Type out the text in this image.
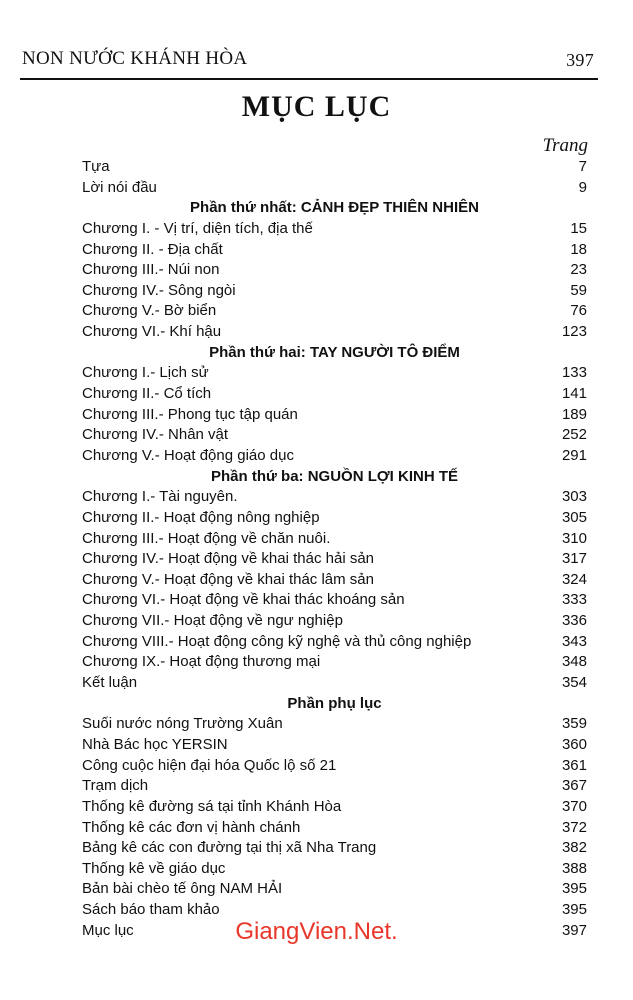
NON NƯỚC KHÁNH HÒA	397
MỤC LỤC
Trang
Tựa	7
Lời nói đầu	9
Phần thứ nhất: CẢNH ĐẸP THIÊN NHIÊN
Chương I. - Vị trí, diện tích, địa thế	15
Chương II. - Địa chất	18
Chương III.- Núi non	23
Chương IV.- Sông ngòi	59
Chương V.- Bờ biển	76
Chương VI.- Khí hậu	123
Phần thứ hai: TAY NGƯỜI TÔ ĐIỂM
Chương I.- Lịch sử	133
Chương II.- Cổ tích	141
Chương III.- Phong tục tập quán	189
Chương IV.- Nhân vật	252
Chương V.- Hoạt động giáo dục	291
Phần thứ ba: NGUỒN LỢI KINH TẾ
Chương I.- Tài nguyên.	303
Chương II.- Hoạt động nông nghiệp	305
Chương III.- Hoạt động về chăn nuôi.	310
Chương IV.- Hoạt động về khai thác hải sản	317
Chương V.- Hoạt động về khai thác lâm sản	324
Chương VI.- Hoạt động về khai thác khoáng sản	333
Chương VII.- Hoạt động về ngư nghiệp	336
Chương VIII.- Hoạt động công kỹ nghệ và thủ công nghiệp	343
Chương IX.- Hoạt động thương mại	348
Kết luận	354
Phần phụ lục
Suối nước nóng Trường Xuân	359
Nhà Bác học YERSIN	360
Công cuộc hiện đại hóa Quốc lộ số 21	361
Trạm dịch	367
Thống kê đường sá tại tỉnh Khánh Hòa	370
Thống kê các đơn vị hành chánh	372
Bảng kê các con đường tại thị xã Nha Trang	382
Thống kê về giáo dục	388
Bản bài chèo tế ông NAM HẢI	395
Sách báo tham khảo	395
Mục lục	397
GiangVien.Net.
